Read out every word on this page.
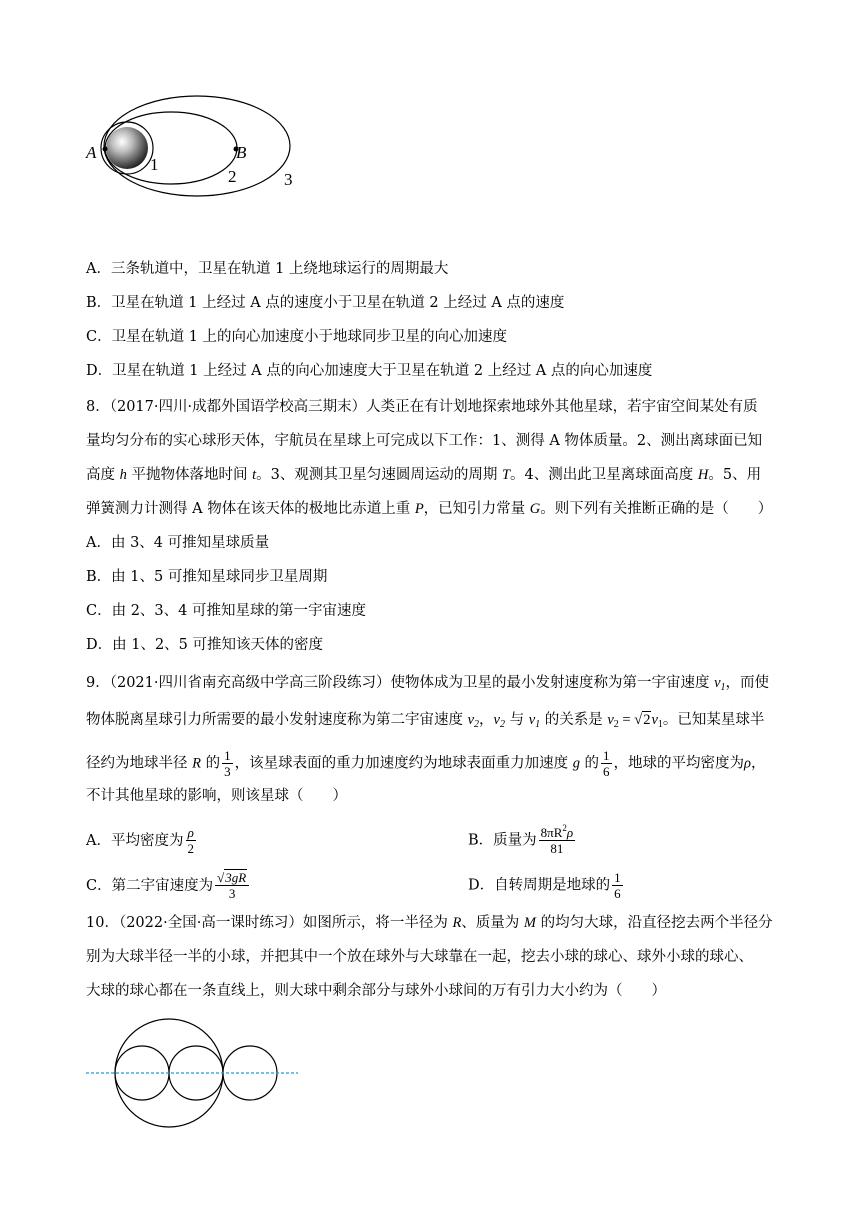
A	B
1
2	3
A．三条轨道中，卫星在轨道 1 上绕地球运行的周期最大
B．卫星在轨道 1 上经过 A 点的速度小于卫星在轨道 2 上经过 A 点的速度
C．卫星在轨道 1 上的向心加速度小于地球同步卫星的向心加速度
D．卫星在轨道 1 上经过 A 点的向心加速度大于卫星在轨道 2 上经过 A 点的向心加速度
8．（2017·四川·成都外国语学校高三期末）人类正在有计划地探索地球外其他星球，若宇宙空间某处有质
量均匀分布的实心球形天体，宇航员在星球上可完成以下工作：1、测得 A 物体质量。2、测出离球面已知
高度 h 平抛物体落地时间 t。3、观测其卫星匀速圆周运动的周期 T。4、测出此卫星离球面高度 H。5、用
弹簧测力计测得 A 物体在该天体的极地比赤道上重 P，已知引力常量 G。则下列有关推断正确的是（　　）
A．由 3、4 可推知星球质量
B．由 1、5 可推知星球同步卫星周期
C．由 2、3、4 可推知星球的第一宇宙速度
D．由 1、2、5 可推知该天体的密度
9．（2021·四川省南充高级中学高三阶段练习）使物体成为卫星的最小发射速度称为第一宇宙速度 $v_1$，而使
物体脱离星球引力所需要的最小发射速度称为第二宇宙速度 $v_2$，$v_2$ 与 $v_1$ 的关系是 $v_2 = √2v_1$。已知某星球半
径约为地球半径 R 的 $\frac{1}{3}$ ，该星球表面的重力加速度约为地球表面重力加速度 g 的 $\frac{1}{6}$ ，地球的平均密度为ρ，
不计其他星球的影响，则该星球（　　）
A．平均密度为 $\frac{\rho}{2}$	B．质量为 $\frac{8\pi R^2\rho}{81}$
C．第二宇宙速度为 $\frac{√3gR}{3}$	D．自转周期是地球的 $\frac{1}{6}$
10．（2022·全国·高一课时练习）如图所示，将一半径为 R、质量为 M 的均匀大球，沿直径挖去两个半径分
别为大球半径一半的小球，并把其中一个放在球外与大球靠在一起，挖去小球的球心、球外小球的球心、
大球的球心都在一条直线上，则大球中剩余部分与球外小球间的万有引力大小约为（　　）
